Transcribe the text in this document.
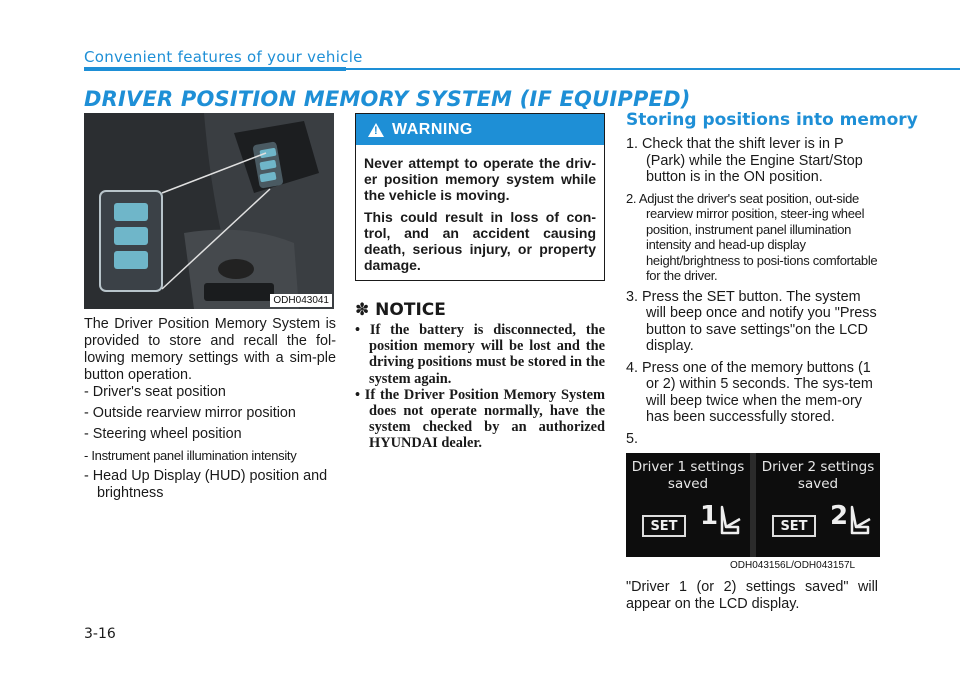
Convenient features of your vehicle
DRIVER POSITION MEMORY SYSTEM (IF EQUIPPED)
ODH043041
The Driver Position Memory System is provided to store and recall the fol-lowing memory settings with a sim-ple button operation.
- Driver's seat position
- Outside rearview mirror position
- Steering wheel position
- Instrument panel illumination intensity
- Head Up Display (HUD) position and brightness
! WARNING

Never attempt to operate the driv-er position memory system while the vehicle is moving.

This could result in loss of con-trol, and an accident causing death, serious injury, or property damage.

✽ NOTICE
• If the battery is disconnected, the position memory will be lost and the driving positions must be stored in the system again.
• If the Driver Position Memory System does not operate normally, have the system checked by an authorized HYUNDAI dealer.
Storing positions into memory
1. Check that the shift lever is in P (Park) while the Engine Start/Stop button is in the ON position.
2. Adjust the driver's seat position, out-side rearview mirror position, steer-ing wheel position, instrument panel illumination intensity and head-up display height/brightness to posi-tions comfortable for the driver.
3. Press the SET button. The system will beep once and notify you "Press button to save settings"on the LCD display.
4. Press one of the memory buttons (1 or 2) within 5 seconds. The sys-tem will beep twice when the mem-ory has been successfully stored.
5.
Driver 1 settings
saved
SET 1
Driver 2 settings
saved
SET 2
ODH043156L/ODH043157L
"Driver 1 (or 2) settings saved" will appear on the LCD display.
3-16
